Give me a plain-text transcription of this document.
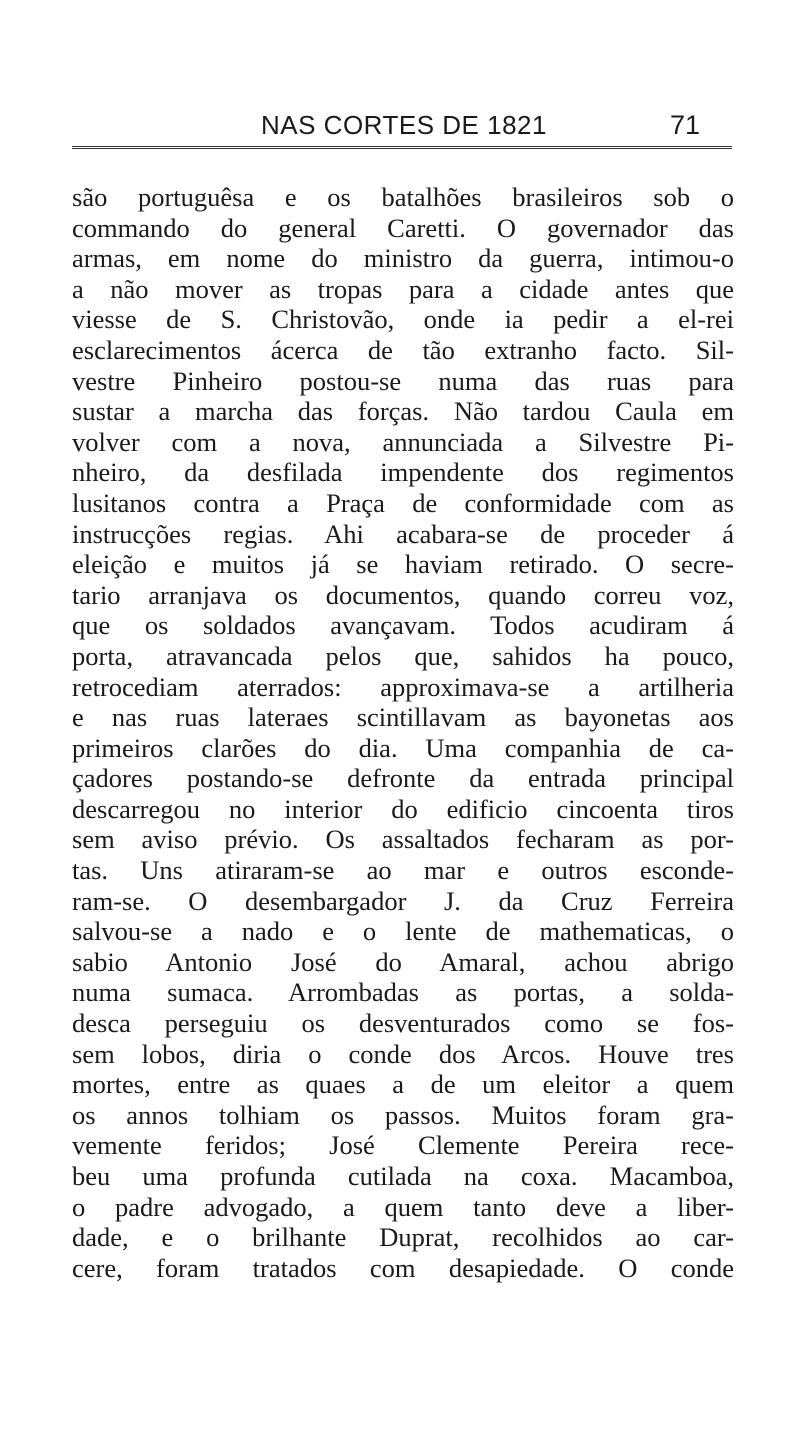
NAS CORTES DE 1821	71
são portuguêsa e os batalhões brasileiros sob o
commando do general Caretti. O governador das
armas, em nome do ministro da guerra, intimou-o
a não mover as tropas para a cidade antes que
viesse de S. Christovão, onde ia pedir a el-rei
esclarecimentos ácerca de tão extranho facto. Sil-
vestre Pinheiro postou-se numa das ruas para
sustar a marcha das forças. Não tardou Caula em
volver com a nova, annunciada a Silvestre Pi-
nheiro, da desfilada impendente dos regimentos
lusitanos contra a Praça de conformidade com as
instrucções regias. Ahi acabara-se de proceder á
eleição e muitos já se haviam retirado. O secre-
tario arranjava os documentos, quando correu voz,
que os soldados avançavam. Todos acudiram á
porta, atravancada pelos que, sahidos ha pouco,
retrocediam aterrados: approximava-se a artilheria
e nas ruas lateraes scintillavam as bayonetas aos
primeiros clarões do dia. Uma companhia de ca-
çadores postando-se defronte da entrada principal
descarregou no interior do edificio cincoenta tiros
sem aviso prévio. Os assaltados fecharam as por-
tas. Uns atiraram-se ao mar e outros esconde-
ram-se. O desembargador J. da Cruz Ferreira
salvou-se a nado e o lente de mathematicas, o
sabio Antonio José do Amaral, achou abrigo
numa sumaca. Arrombadas as portas, a solda-
desca perseguiu os desventurados como se fos-
sem lobos, diria o conde dos Arcos. Houve tres
mortes, entre as quaes a de um eleitor a quem
os annos tolhiam os passos. Muitos foram gra-
vemente feridos; José Clemente Pereira rece-
beu uma profunda cutilada na coxa. Macamboa,
o padre advogado, a quem tanto deve a liber-
dade, e o brilhante Duprat, recolhidos ao car-
cere, foram tratados com desapiedade. O conde
